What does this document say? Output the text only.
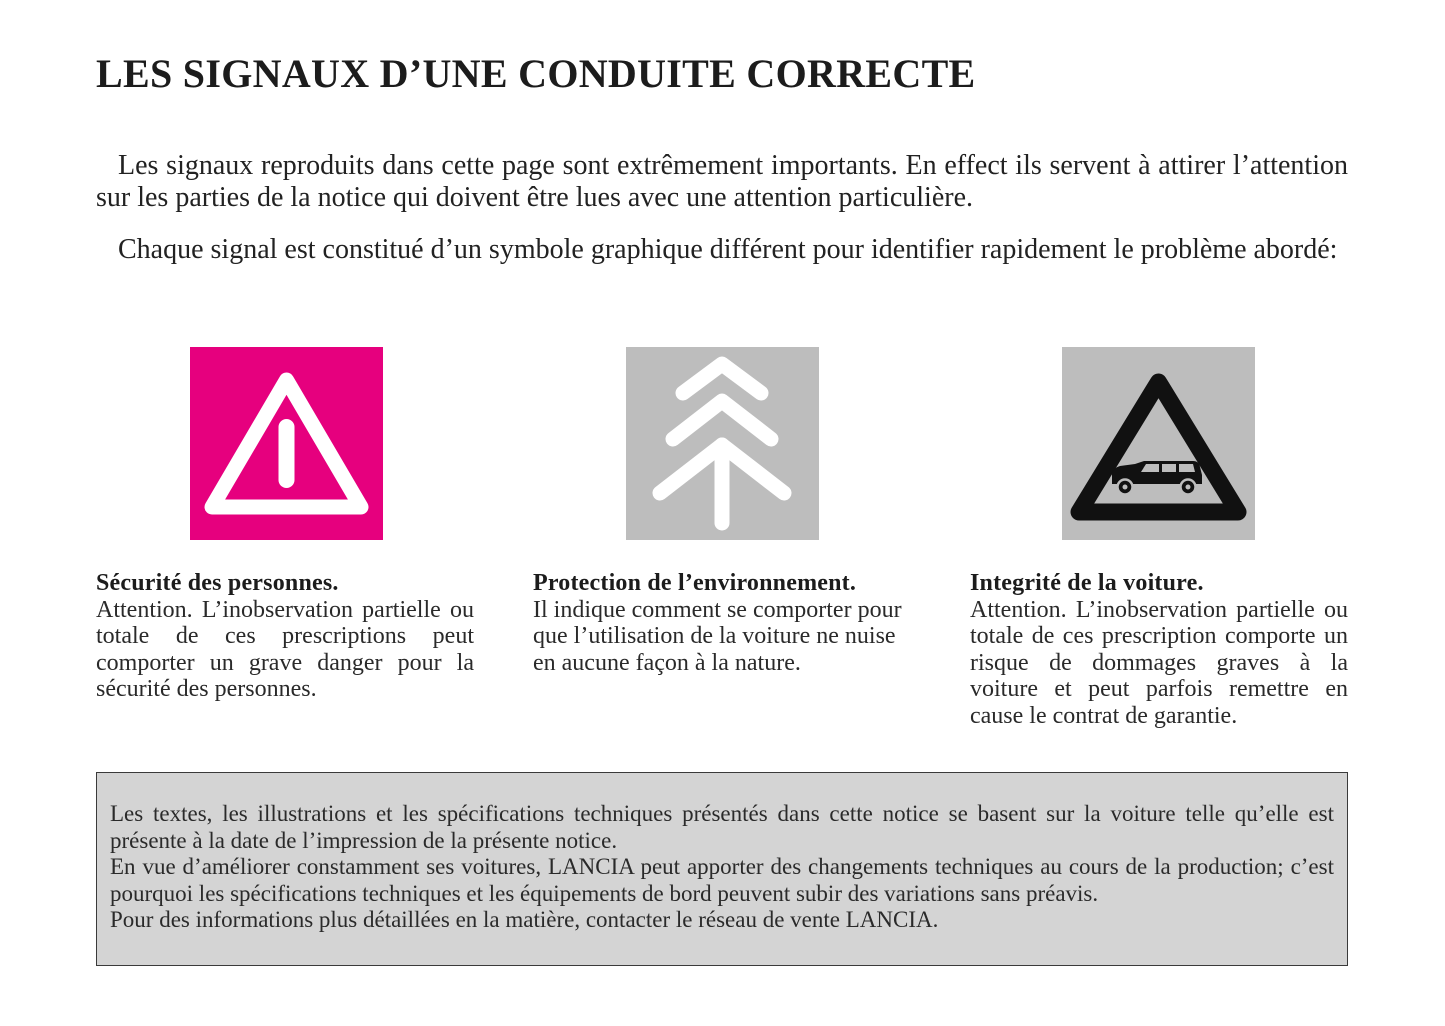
LES SIGNAUX D’UNE CONDUITE CORRECTE

Les signaux reproduits dans cette page sont extrêmement importants. En effect ils servent à attirer l’attention sur les parties de la notice qui doivent être lues avec une attention particulière.

Chaque signal est constitué d’un symbole graphique différent pour identifier rapidement le problème abordé:

Sécurité des personnes.
Attention. L’inobservation partielle ou totale de ces prescriptions peut comporter un grave danger pour la sécurité des personnes.
Protection de l’environnement.
Il indique comment se comporter pour que l’utilisation de la voiture ne nuise en aucune façon à la nature.
Integrité de la voiture.
Attention. L’inobservation partielle ou totale de ces prescription comporte un risque de dommages graves à la voiture et peut parfois remettre en cause le contrat de garantie.

Les textes, les illustrations et les spécifications techniques présentés dans cette notice se basent sur la voiture telle qu’elle est présente à la date de l’impression de la présente notice.

En vue d’améliorer constamment ses voitures, LANCIA peut apporter des changements techniques au cours de la production; c’est pourquoi les spécifications techniques et les équipements de bord peuvent subir des variations sans préavis.

Pour des informations plus détaillées en la matière, contacter le réseau de vente LANCIA.
